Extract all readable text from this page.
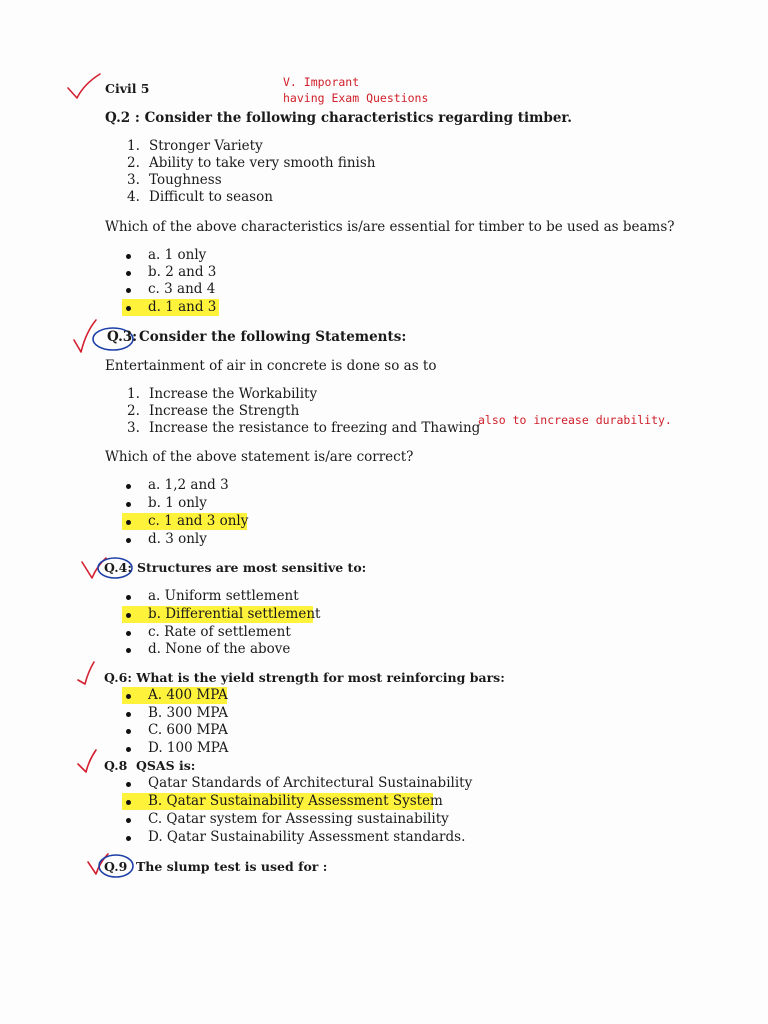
Civil 5	V. Imporant
having Exam Questions
Q.2 : Consider the following characteristics regarding timber.
1. Stronger Variety
2. Ability to take very smooth finish
3. Toughness
4. Difficult to season
Which of the above characteristics is/are essential for timber to be used as beams?
a. 1 only
b. 2 and 3
c. 3 and 4
d. 1 and 3
Q.3: Consider the following Statements:
Entertainment of air in concrete is done so as to
1. Increase the Workability
2. Increase the Strength
3. Increase the resistance to freezing and Thawing
also to increase durability.
Which of the above statement is/are correct?
a. 1,2 and 3
b. 1 only
c. 1 and 3 only
d. 3 only
Q.4: Structures are most sensitive to:
a. Uniform settlement
b. Differential settlement
c. Rate of settlement
d. None of the above
Q.6: What is the yield strength for most reinforcing bars:
A. 400 MPA
B. 300 MPA
C. 600 MPA
D. 100 MPA
Q.8  QSAS is:
Qatar Standards of Architectural Sustainability
B. Qatar Sustainability Assessment System
C. Qatar system for Assessing sustainability
D. Qatar Sustainability Assessment standards.
Q.9 The slump test is used for :
